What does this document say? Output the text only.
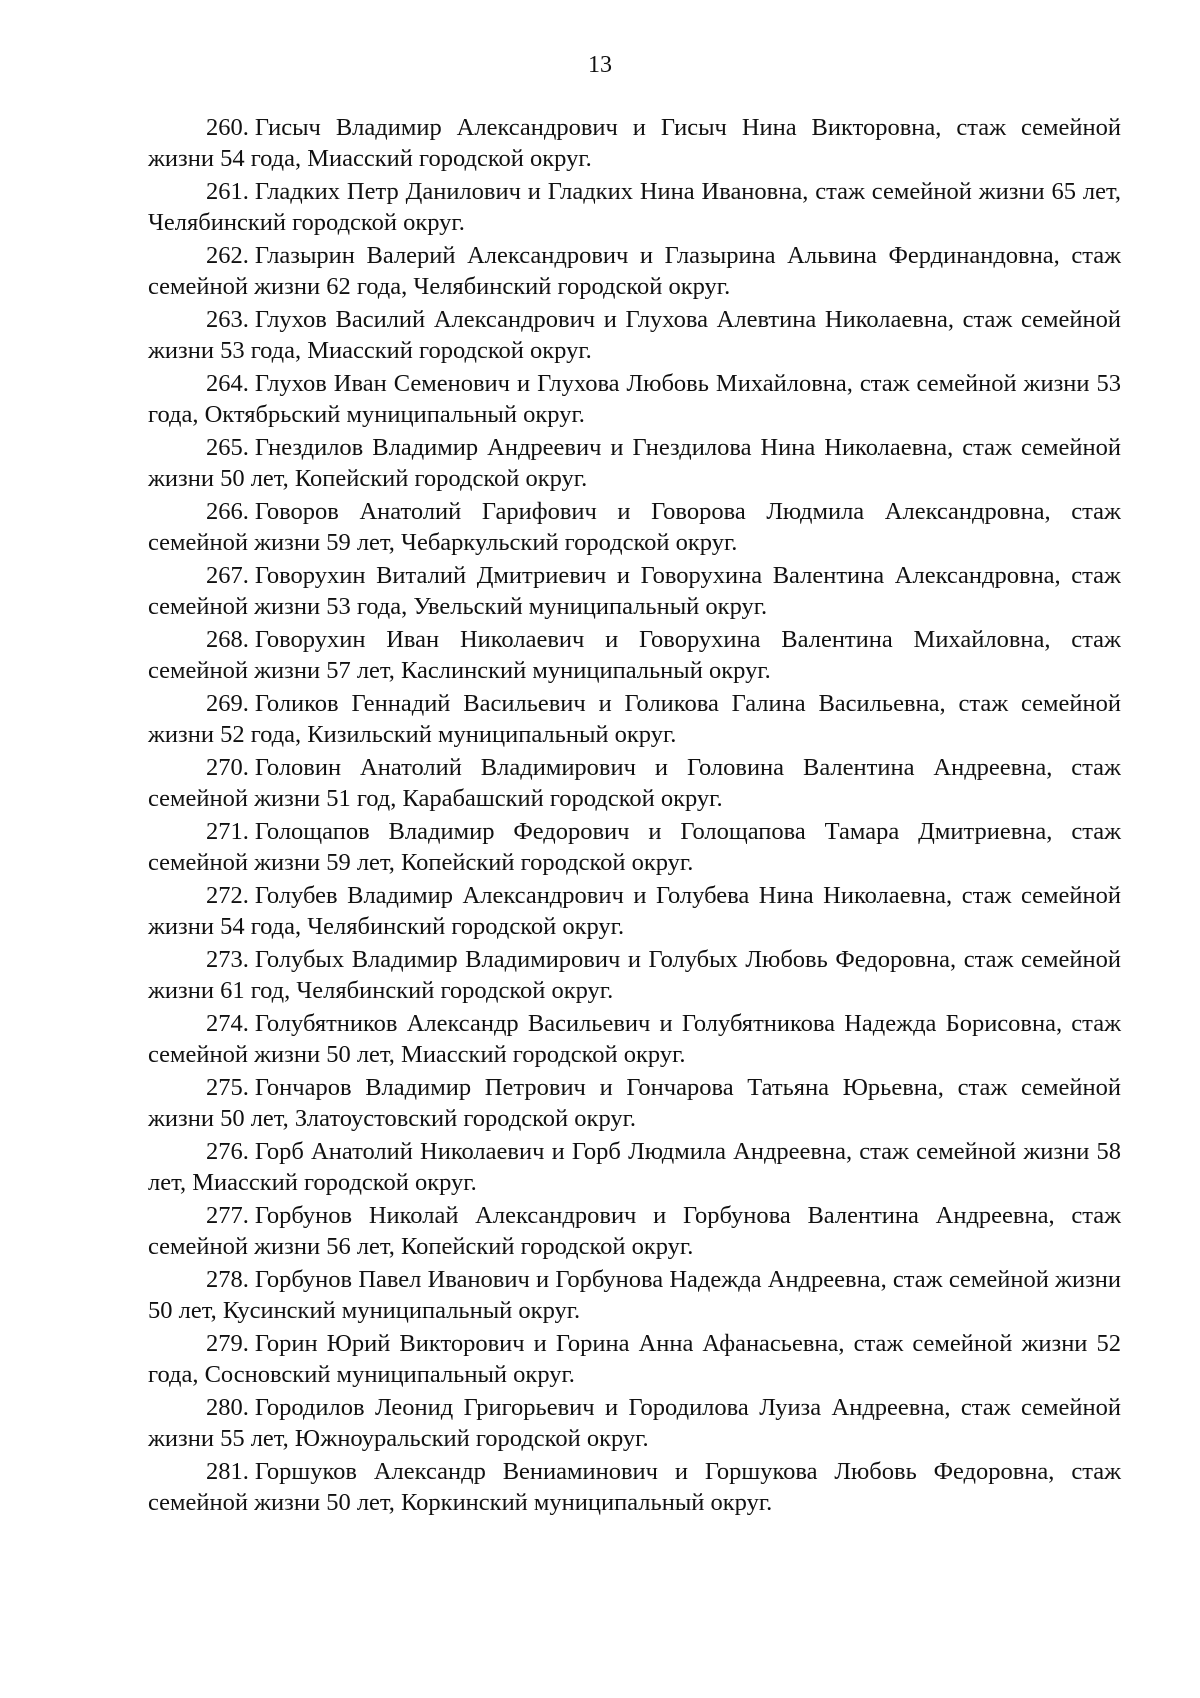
13

260. Гисыч Владимир Александрович и Гисыч Нина Викторовна, стаж семейной жизни 54 года, Миасский городской округ.

261. Гладких Петр Данилович и Гладких Нина Ивановна, стаж семейной жизни 65 лет, Челябинский городской округ.

262. Глазырин Валерий Александрович и Глазырина Альвина Фердинандовна, стаж семейной жизни 62 года, Челябинский городской округ.

263. Глухов Василий Александрович и Глухова Алевтина Николаевна, стаж семейной жизни 53 года, Миасский городской округ.

264. Глухов Иван Семенович и Глухова Любовь Михайловна, стаж семейной жизни 53 года, Октябрьский муниципальный округ.

265. Гнездилов Владимир Андреевич и Гнездилова Нина Николаевна, стаж семейной жизни 50 лет, Копейский городской округ.

266. Говоров Анатолий Гарифович и Говорова Людмила Александровна, стаж семейной жизни 59 лет, Чебаркульский городской округ.

267. Говорухин Виталий Дмитриевич и Говорухина Валентина Александровна, стаж семейной жизни 53 года, Увельский муниципальный округ.

268. Говорухин Иван Николаевич и Говорухина Валентина Михайловна, стаж семейной жизни 57 лет, Каслинский муниципальный округ.

269. Голиков Геннадий Васильевич и Голикова Галина Васильевна, стаж семейной жизни 52 года, Кизильский муниципальный округ.

270. Головин Анатолий Владимирович и Головина Валентина Андреевна, стаж семейной жизни 51 год, Карабашский городской округ.

271. Голощапов Владимир Федорович и Голощапова Тамара Дмитриевна, стаж семейной жизни 59 лет, Копейский городской округ.

272. Голубев Владимир Александрович и Голубева Нина Николаевна, стаж семейной жизни 54 года, Челябинский городской округ.

273. Голубых Владимир Владимирович и Голубых Любовь Федоровна, стаж семейной жизни 61 год, Челябинский городской округ.

274. Голубятников Александр Васильевич и Голубятникова Надежда Борисовна, стаж семейной жизни 50 лет, Миасский городской округ.

275. Гончаров Владимир Петрович и Гончарова Татьяна Юрьевна, стаж семейной жизни 50 лет, Златоустовский городской округ.

276. Горб Анатолий Николаевич и Горб Людмила Андреевна, стаж семейной жизни 58 лет, Миасский городской округ.

277. Горбунов Николай Александрович и Горбунова Валентина Андреевна, стаж семейной жизни 56 лет, Копейский городской округ.

278. Горбунов Павел Иванович и Горбунова Надежда Андреевна, стаж семейной жизни 50 лет, Кусинский муниципальный округ.

279. Горин Юрий Викторович и Горина Анна Афанасьевна, стаж семейной жизни 52 года, Сосновский муниципальный округ.

280. Городилов Леонид Григорьевич и Городилова Луиза Андреевна, стаж семейной жизни 55 лет, Южноуральский городской округ.

281. Горшуков Александр Вениаминович и Горшукова Любовь Федоровна, стаж семейной жизни 50 лет, Коркинский муниципальный округ.
